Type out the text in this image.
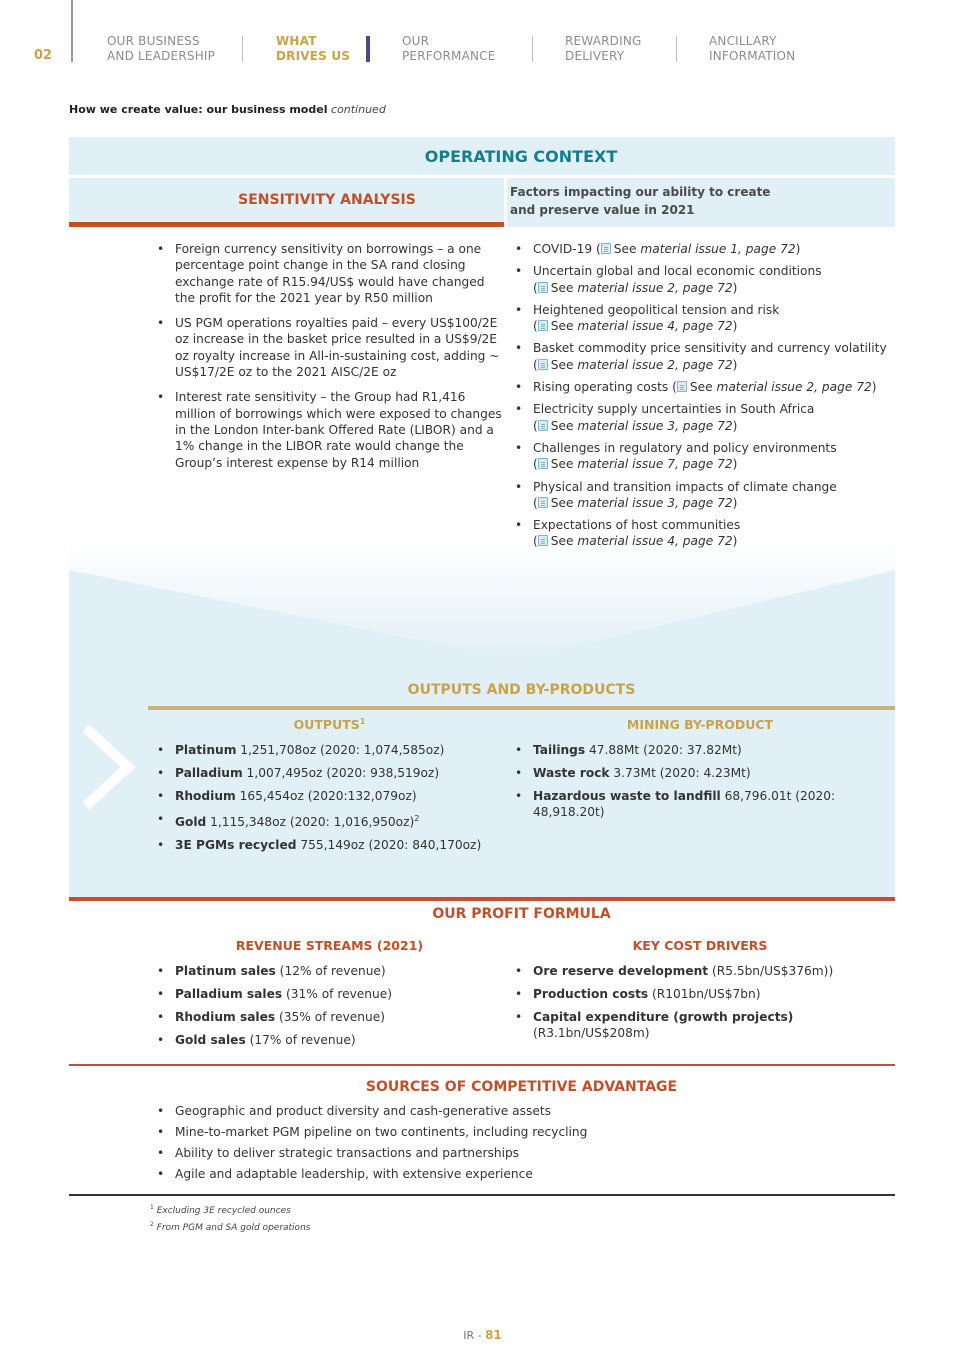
02
OUR BUSINESS
AND LEADERSHIP
WHAT
DRIVES US
OUR
PERFORMANCE
REWARDING
DELIVERY
ANCILLARY
INFORMATION
How we create value: our business model continued
OPERATING CONTEXT
SENSITIVITY ANALYSIS	Factors impacting our ability to create
and preserve value in 2021
• Foreign currency sensitivity on borrowings – a one percentage point change in the SA rand closing exchange rate of R15.94/US$ would have changed the profit for the 2021 year by R50 million
• US PGM operations royalties paid – every US$100/2E oz increase in the basket price resulted in a US$9/2E oz royalty increase in All-in-sustaining cost, adding ~ US$17/2E oz to the 2021 AISC/2E oz
• Interest rate sensitivity – the Group had R1,416 million of borrowings which were exposed to changes in the London Inter-bank Offered Rate (LIBOR) and a 1% change in the LIBOR rate would change the Group’s interest expense by R14 million
• COVID-19 ( See material issue 1, page 72)
• Uncertain global and local economic conditions
( See material issue 2, page 72)
• Heightened geopolitical tension and risk
( See material issue 4, page 72)
• Basket commodity price sensitivity and currency volatility
( See material issue 2, page 72)
• Rising operating costs ( See material issue 2, page 72)
• Electricity supply uncertainties in South Africa
( See material issue 3, page 72)
• Challenges in regulatory and policy environments
( See material issue 7, page 72)
• Physical and transition impacts of climate change
( See material issue 3, page 72)
• Expectations of host communities
( See material issue 4, page 72)
OUTPUTS AND BY-PRODUCTS
OUTPUTS$^1$	MINING BY-PRODUCT
• Platinum 1,251,708oz (2020: 1,074,585oz)
• Palladium 1,007,495oz (2020: 938,519oz)
• Rhodium 165,454oz (2020:132,079oz)
• Gold 1,115,348oz (2020: 1,016,950oz)$^2$
• 3E PGMs recycled 755,149oz (2020: 840,170oz)
• Tailings 47.88Mt (2020: 37.82Mt)
• Waste rock 3.73Mt (2020: 4.23Mt)
• Hazardous waste to landfill 68,796.01t (2020: 48,918.20t)
OUR PROFIT FORMULA
REVENUE STREAMS (2021)	KEY COST DRIVERS
• Platinum sales (12% of revenue)
• Palladium sales (31% of revenue)
• Rhodium sales (35% of revenue)
• Gold sales (17% of revenue)
• Ore reserve development (R5.5bn/US$376m))
• Production costs (R101bn/US$7bn)
• Capital expenditure (growth projects) (R3.1bn/US$208m)
SOURCES OF COMPETITIVE ADVANTAGE
• Geographic and product diversity and cash-generative assets
• Mine-to-market PGM pipeline on two continents, including recycling
• Ability to deliver strategic transactions and partnerships
• Agile and adaptable leadership, with extensive experience
$^1$ Excluding 3E recycled ounces
$^2$ From PGM and SA gold operations
IR - 81
